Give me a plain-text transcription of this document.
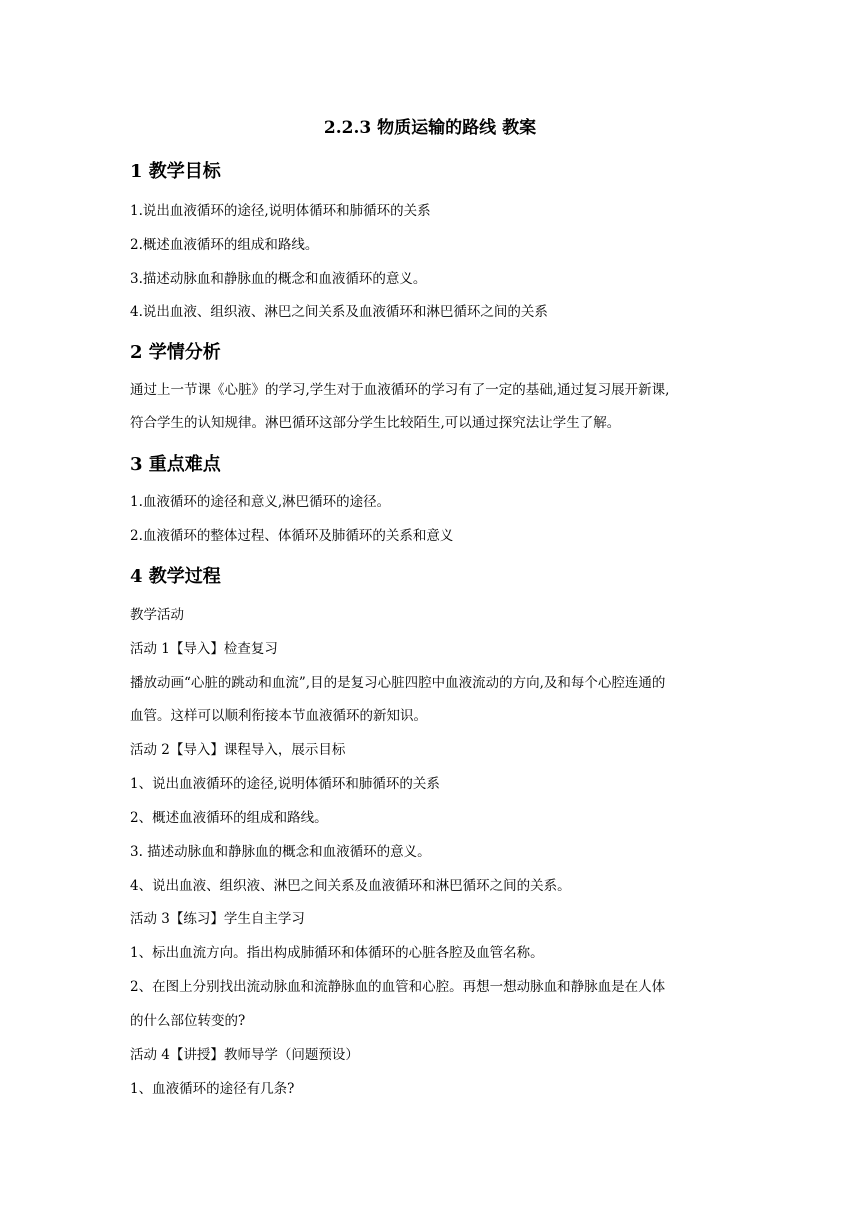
2.2.3 物质运输的路线 教案
1 教学目标
1.说出血液循环的途径,说明体循环和肺循环的关系
2.概述血液循环的组成和路线。
3.描述动脉血和静脉血的概念和血液循环的意义。
4.说出血液、组织液、淋巴之间关系及血液循环和淋巴循环之间的关系
2 学情分析
通过上一节课《心脏》的学习,学生对于血液循环的学习有了一定的基础,通过复习展开新课,
符合学生的认知规律。淋巴循环这部分学生比较陌生,可以通过探究法让学生了解。
3 重点难点
1.血液循环的途径和意义,淋巴循环的途径。
2.血液循环的整体过程、体循环及肺循环的关系和意义
4 教学过程
教学活动
活动 1【导入】检查复习
播放动画“心脏的跳动和血流”,目的是复习心脏四腔中血液流动的方向,及和每个心腔连通的
血管。这样可以顺利衔接本节血液循环的新知识。
活动 2【导入】课程导入，展示目标
1、说出血液循环的途径,说明体循环和肺循环的关系
2、概述血液循环的组成和路线。
3. 描述动脉血和静脉血的概念和血液循环的意义。
4、说出血液、组织液、淋巴之间关系及血液循环和淋巴循环之间的关系。
活动 3【练习】学生自主学习
1、标出血流方向。指出构成肺循环和体循环的心脏各腔及血管名称。
2、在图上分别找出流动脉血和流静脉血的血管和心腔。再想一想动脉血和静脉血是在人体
的什么部位转变的?
活动 4【讲授】教师导学（问题预设）
1、血液循环的途径有几条?
